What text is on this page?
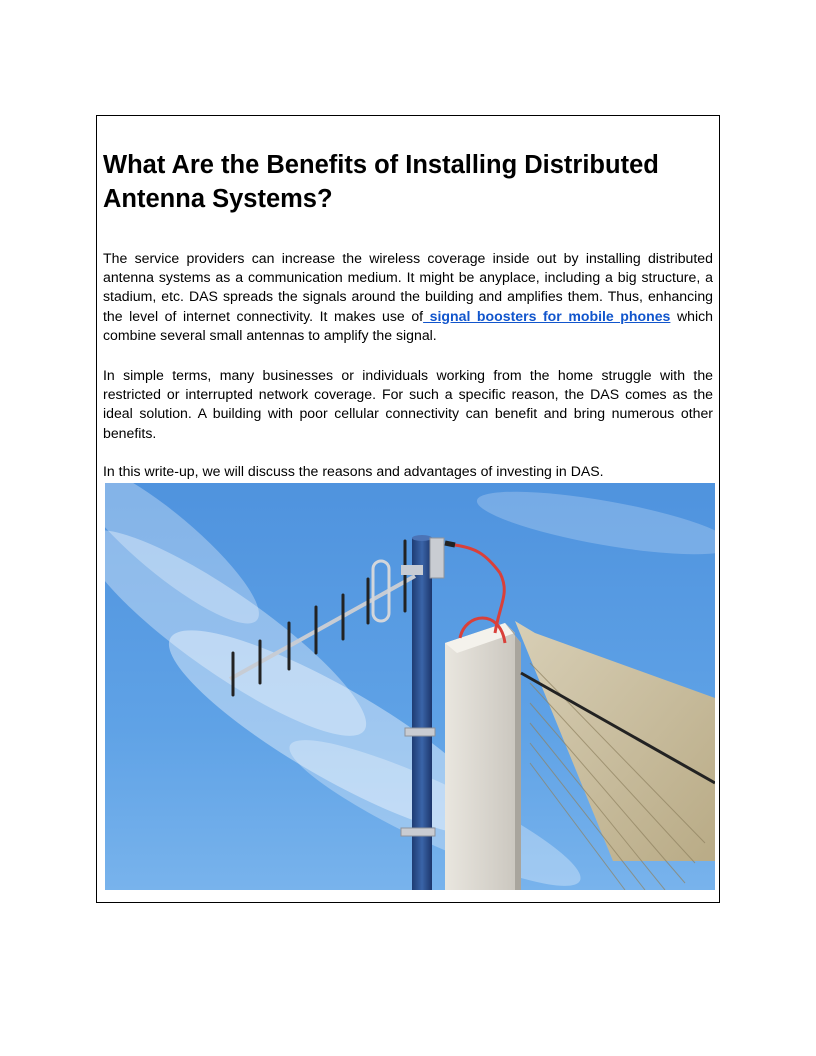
What Are the Benefits of Installing Distributed Antenna Systems?

The service providers can increase the wireless coverage inside out by installing distributed antenna systems as a communication medium. It might be anyplace, including a big structure, a stadium, etc. DAS spreads the signals around the building and amplifies them. Thus, enhancing the level of internet connectivity. It makes use of signal boosters for mobile phones which combine several small antennas to amplify the signal.

In simple terms, many businesses or individuals working from the home struggle with the restricted or interrupted network coverage. For such a specific reason, the DAS comes as the ideal solution. A building with poor cellular connectivity can benefit and bring numerous other benefits.

In this write-up, we will discuss the reasons and advantages of investing in DAS.
